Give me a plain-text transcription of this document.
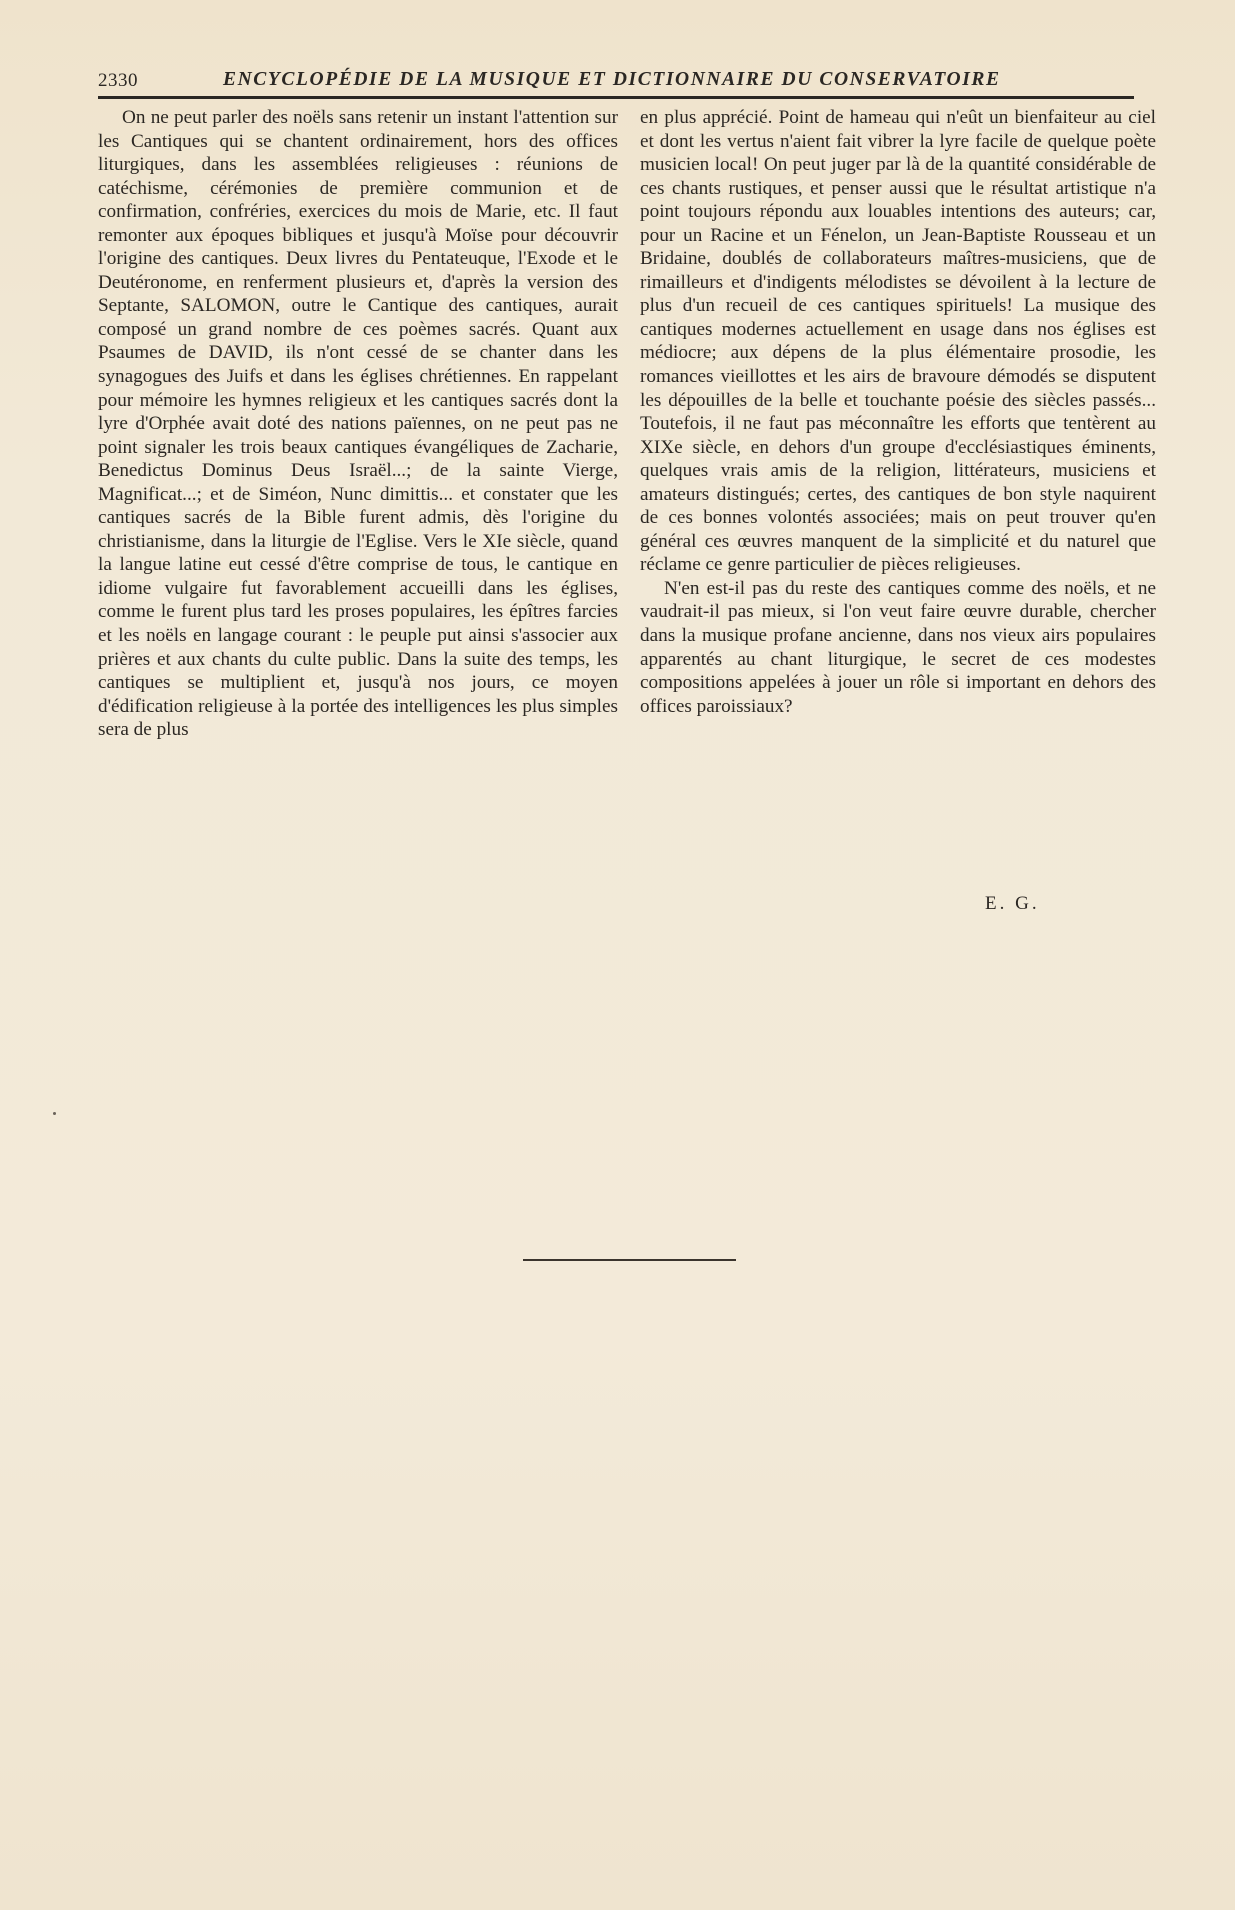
2330	ENCYCLOPÉDIE DE LA MUSIQUE ET DICTIONNAIRE DU CONSERVATOIRE

On ne peut parler des noëls sans retenir un instant l'attention sur les Cantiques qui se chantent ordinairement, hors des offices liturgiques, dans les assemblées religieuses : réunions de catéchisme, cérémonies de première communion et de confirmation, confréries, exercices du mois de Marie, etc. Il faut remonter aux époques bibliques et jusqu'à Moïse pour découvrir l'origine des cantiques. Deux livres du Pentateuque, l'Exode et le Deutéronome, en renferment plusieurs et, d'après la version des Septante, SALOMON, outre le Cantique des cantiques, aurait composé un grand nombre de ces poèmes sacrés. Quant aux Psaumes de DAVID, ils n'ont cessé de se chanter dans les synagogues des Juifs et dans les églises chrétiennes. En rappelant pour mémoire les hymnes religieux et les cantiques sacrés dont la lyre d'Orphée avait doté des nations païennes, on ne peut pas ne point signaler les trois beaux cantiques évangéliques de Zacharie, Benedictus Dominus Deus Israël...; de la sainte Vierge, Magnificat...; et de Siméon, Nunc dimittis... et constater que les cantiques sacrés de la Bible furent admis, dès l'origine du christianisme, dans la liturgie de l'Eglise. Vers le XIe siècle, quand la langue latine eut cessé d'être comprise de tous, le cantique en idiome vulgaire fut favorablement accueilli dans les églises, comme le furent plus tard les proses populaires, les épîtres farcies et les noëls en langage courant : le peuple put ainsi s'associer aux prières et aux chants du culte public. Dans la suite des temps, les cantiques se multiplient et, jusqu'à nos jours, ce moyen d'édification religieuse à la portée des intelligences les plus simples sera de plus

en plus apprécié. Point de hameau qui n'eût un bienfaiteur au ciel et dont les vertus n'aient fait vibrer la lyre facile de quelque poète musicien local! On peut juger par là de la quantité considérable de ces chants rustiques, et penser aussi que le résultat artistique n'a point toujours répondu aux louables intentions des auteurs; car, pour un Racine et un Fénelon, un Jean-Baptiste Rousseau et un Bridaine, doublés de collaborateurs maîtres-musiciens, que de rimailleurs et d'indigents mélodistes se dévoilent à la lecture de plus d'un recueil de ces cantiques spirituels! La musique des cantiques modernes actuellement en usage dans nos églises est médiocre; aux dépens de la plus élémentaire prosodie, les romances vieillottes et les airs de bravoure démodés se disputent les dépouilles de la belle et touchante poésie des siècles passés... Toutefois, il ne faut pas méconnaître les efforts que tentèrent au XIXe siècle, en dehors d'un groupe d'ecclésiastiques éminents, quelques vrais amis de la religion, littérateurs, musiciens et amateurs distingués; certes, des cantiques de bon style naquirent de ces bonnes volontés associées; mais on peut trouver qu'en général ces œuvres manquent de la simplicité et du naturel que réclame ce genre particulier de pièces religieuses.

N'en est-il pas du reste des cantiques comme des noëls, et ne vaudrait-il pas mieux, si l'on veut faire œuvre durable, chercher dans la musique profane ancienne, dans nos vieux airs populaires apparentés au chant liturgique, le secret de ces modestes compositions appelées à jouer un rôle si important en dehors des offices paroissiaux?

E. G.
